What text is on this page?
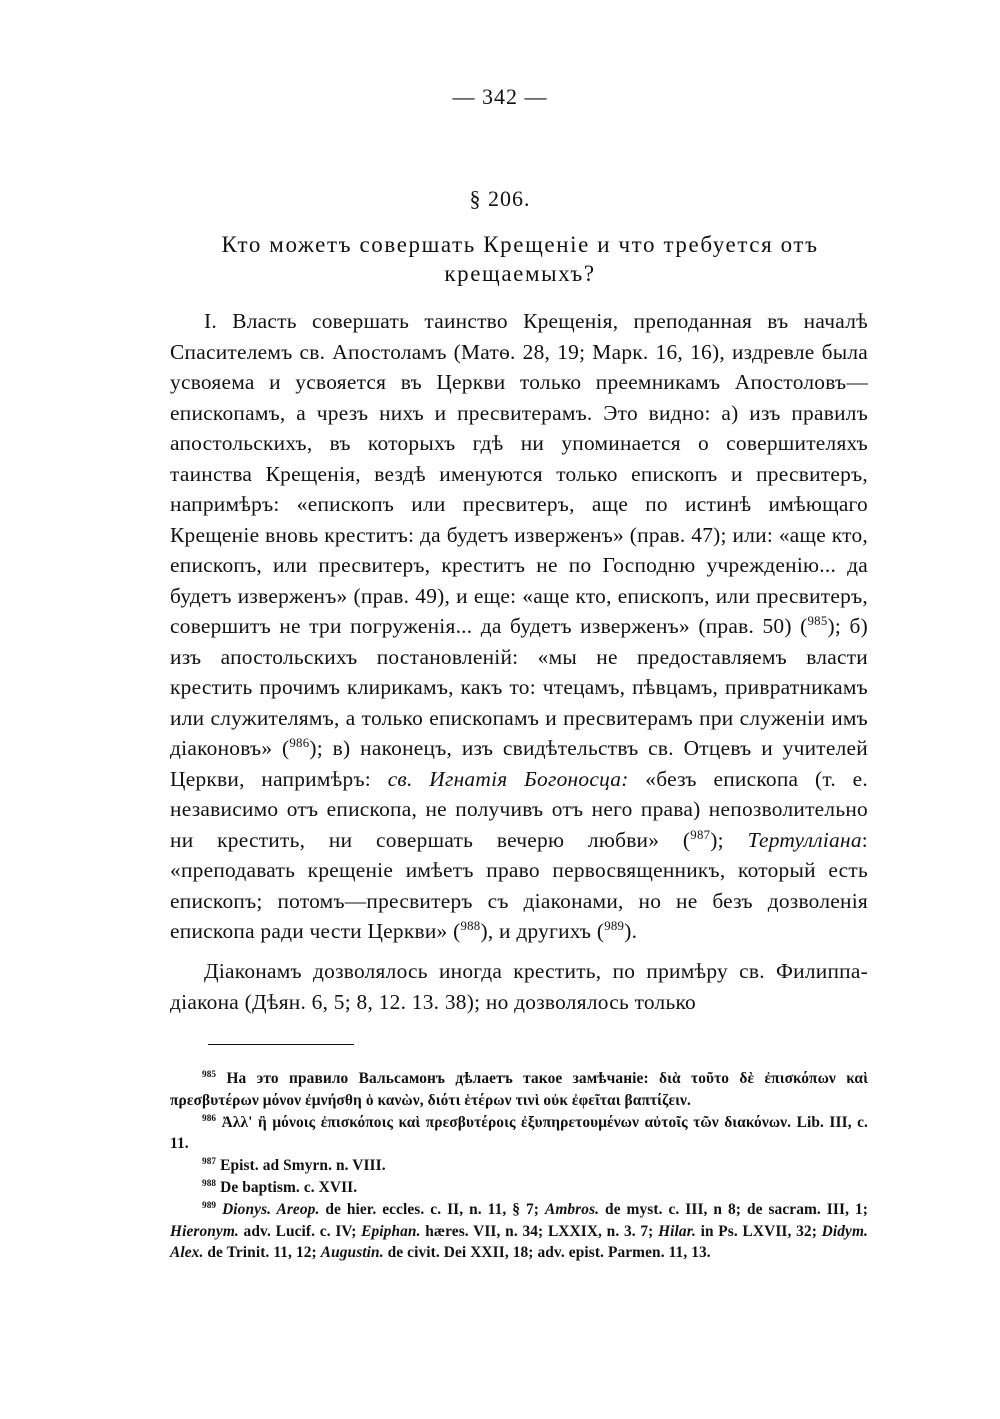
— 342 —
§ 206.
Кто можетъ совершать Крещеніе и что требуется отъ крещаемыхъ?

I. Власть совершать таинство Крещенія, преподанная въ началѣ Спасителемъ св. Апостоламъ (Матѳ. 28, 19; Марк. 16, 16), издревле была усвояема и усвояется въ Церкви только преемникамъ Апостоловъ—епископамъ, а чрезъ нихъ и пресвитерамъ. Это видно: а) изъ правилъ апостольскихъ, въ которыхъ гдѣ ни упоминается о совершителяхъ таинства Крещенія, вездѣ именуются только епископъ и пресвитеръ, напримѣръ: «епископъ или пресвитеръ, аще по истинѣ имѣющаго Крещеніе вновь креститъ: да будетъ изверженъ» (прав. 47); или: «аще кто, епископъ, или пресвитеръ, креститъ не по Господню учрежденію... да будетъ изверженъ» (прав. 49), и еще: «аще кто, епископъ, или пресвитеръ, совершитъ не три погруженія... да будетъ изверженъ» (прав. 50) ($^{985}$); б) изъ апостольскихъ постановленій: «мы не предоставляемъ власти крестить прочимъ клирикамъ, какъ то: чтецамъ, пѣвцамъ, привратникамъ или служителямъ, а только епископамъ и пресвитерамъ при служеніи имъ діаконовъ» ($^{986}$); в) наконецъ, изъ свидѣтельствъ св. Отцевъ и учителей Церкви, напримѣръ: св. Игнатія Богоносца: «безъ епископа (т. е. независимо отъ епископа, не получивъ отъ него права) непозволительно ни крестить, ни совершать вечерю любви» ($^{987}$); Тертулліана: «преподавать крещеніе имѣетъ право первосвященникъ, который есть епископъ; потомъ—пресвитеръ съ діаконами, но не безъ дозволенія епископа ради чести Церкви» ($^{988}$), и другихъ ($^{989}$).

Діаконамъ дозволялось иногда крестить, по примѣру св. Филиппа-діакона (Дѣян. 6, 5; 8, 12. 13. 38); но дозволялось только

$^{985}$ На это правило Вальсамонъ дѣлаетъ такое замѣчаніе: διὰ τοῦτο δὲ ἐπισκόπων καὶ πρεσβυτέρων μόνον ἐμνήσθη ὁ κανὼν, διότι ἑτέρων τινὶ οὐκ ἐφεῖται βαπτίζειν.

$^{986}$ Ἀλλ' ἢ μόνοις ἐπισκόποις καὶ πρεσβυτέροις ἐξυπηρετουμένων αὐτοῖς τῶν διακόνων. Lib. III, c. 11.

$^{987}$ Epist. ad Smyrn. n. VIII.

$^{988}$ De baptism. c. XVII.

$^{989}$ Dionys. Areop. de hier. eccles. c. II, n. 11, § 7; Ambros. de myst. c. III, n 8; de sacram. III, 1; Hieronym. adv. Lucif. c. IV; Epiphan. hæres. VII, n. 34; LXXIX, n. 3. 7; Hilar. in Ps. LXVII, 32; Didym. Alex. de Trinit. 11, 12; Augustin. de civit. Dei XXII, 18; adv. epist. Parmen. 11, 13.
